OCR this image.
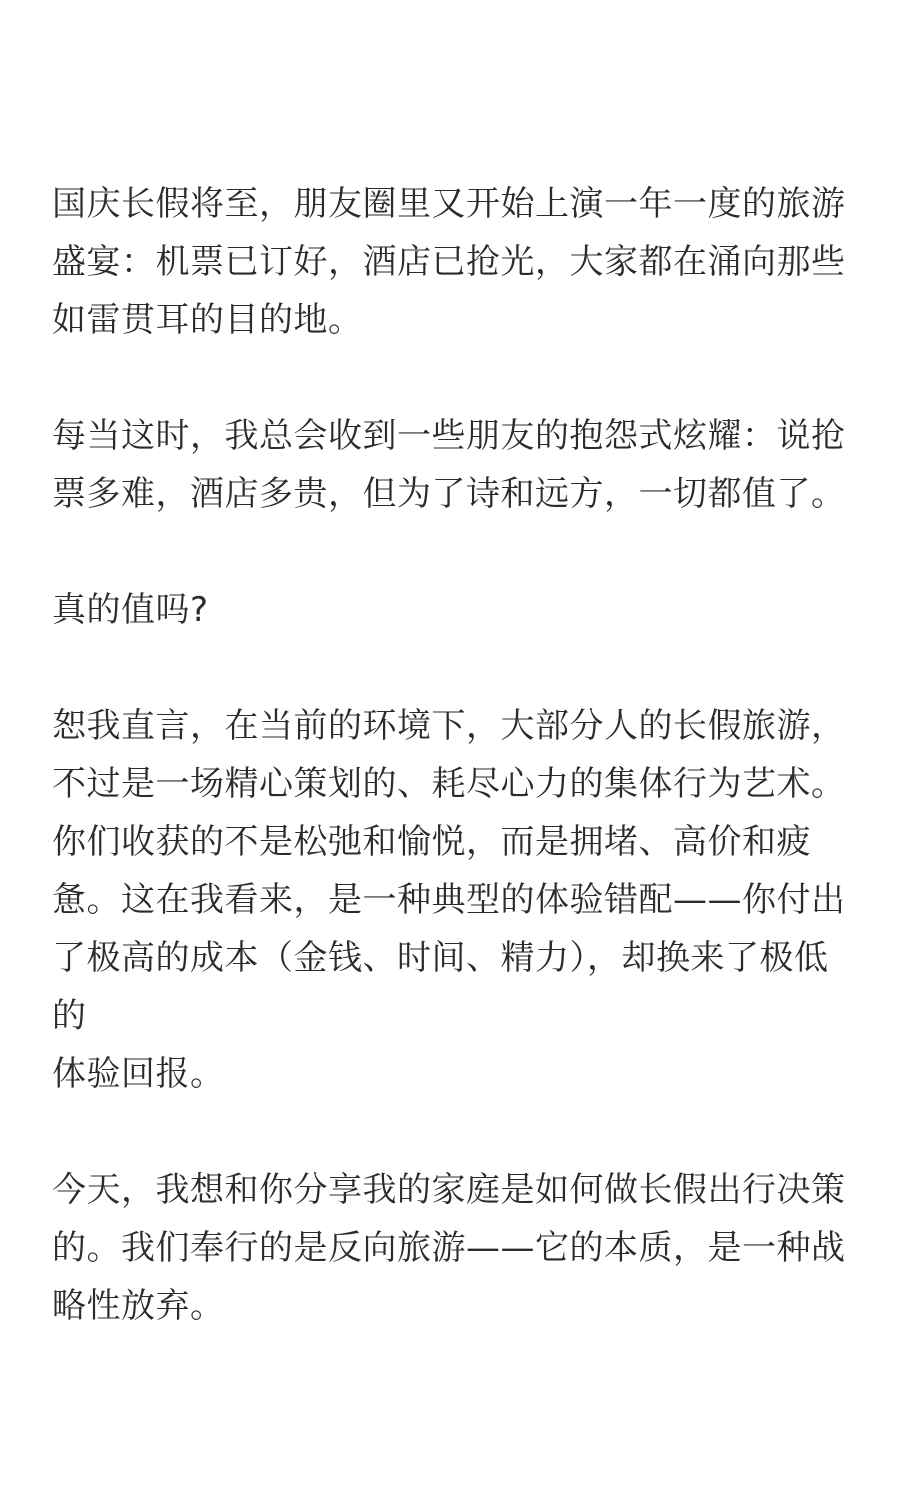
国庆长假将至，朋友圈里又开始上演一年一度的旅游
盛宴：机票已订好，酒店已抢光，大家都在涌向那些
如雷贯耳的目的地。
每当这时，我总会收到一些朋友的抱怨式炫耀：说抢
票多难，酒店多贵，但为了诗和远方，一切都值了。
真的值吗?
恕我直言，在当前的环境下，大部分人的长假旅游，
不过是一场精心策划的、耗尽心力的集体行为艺术。
你们收获的不是松弛和愉悦，而是拥堵、高价和疲
惫。这在我看来，是一种典型的体验错配——你付出
了极高的成本（金钱、时间、精力），却换来了极低的
体验回报。
今天，我想和你分享我的家庭是如何做长假出行决策
的。我们奉行的是反向旅游——它的本质，是一种战
略性放弃。
